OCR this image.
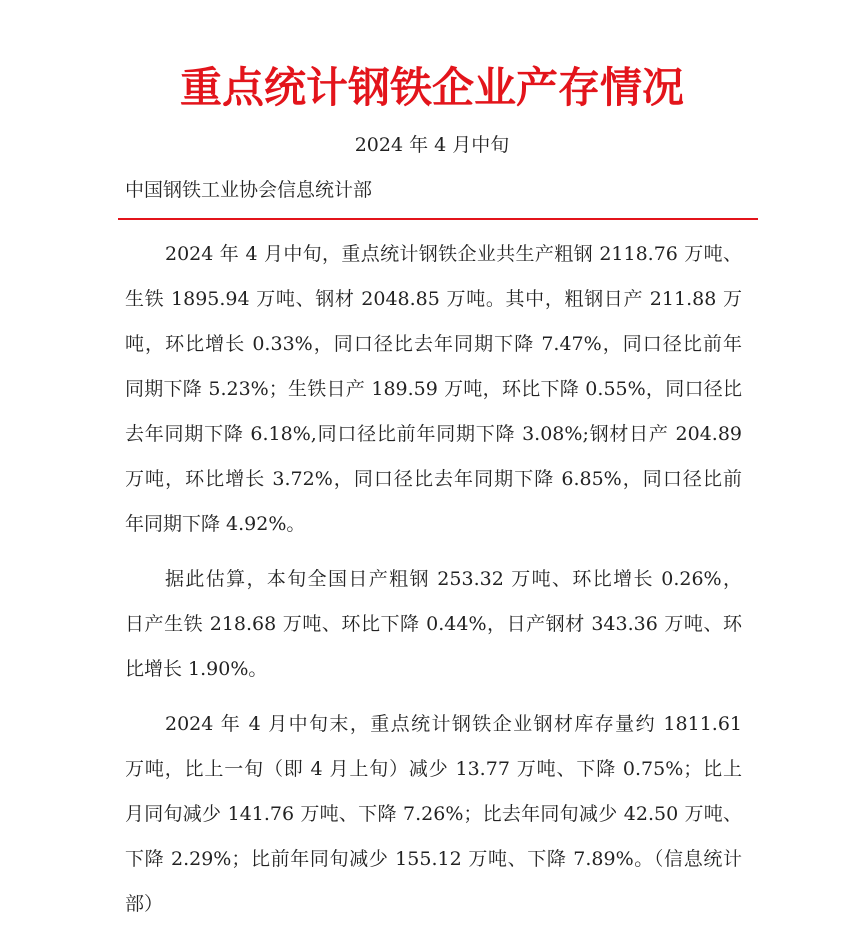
重点统计钢铁企业产存情况
2024 年 4 月中旬
中国钢铁工业协会信息统计部
2024 年 4 月中旬，重点统计钢铁企业共生产粗钢 2118.76 万吨、
生铁 1895.94 万吨、钢材 2048.85 万吨。其中，粗钢日产 211.88 万
吨，环比增长 0.33%，同口径比去年同期下降 7.47%，同口径比前年
同期下降 5.23%；生铁日产 189.59 万吨，环比下降 0.55%，同口径比
去年同期下降 6.18%,同口径比前年同期下降 3.08%;钢材日产 204.89
万吨，环比增长 3.72%，同口径比去年同期下降 6.85%，同口径比前
年同期下降 4.92%。
据此估算，本旬全国日产粗钢 253.32 万吨、环比增长 0.26%，
日产生铁 218.68 万吨、环比下降 0.44%，日产钢材 343.36 万吨、环
比增长 1.90%。
2024 年 4 月中旬末，重点统计钢铁企业钢材库存量约 1811.61
万吨，比上一旬（即 4 月上旬）减少 13.77 万吨、下降 0.75%；比上
月同旬减少 141.76 万吨、下降 7.26%；比去年同旬减少 42.50 万吨、
下降 2.29%；比前年同旬减少 155.12 万吨、下降 7.89%。（信息统计
部）
